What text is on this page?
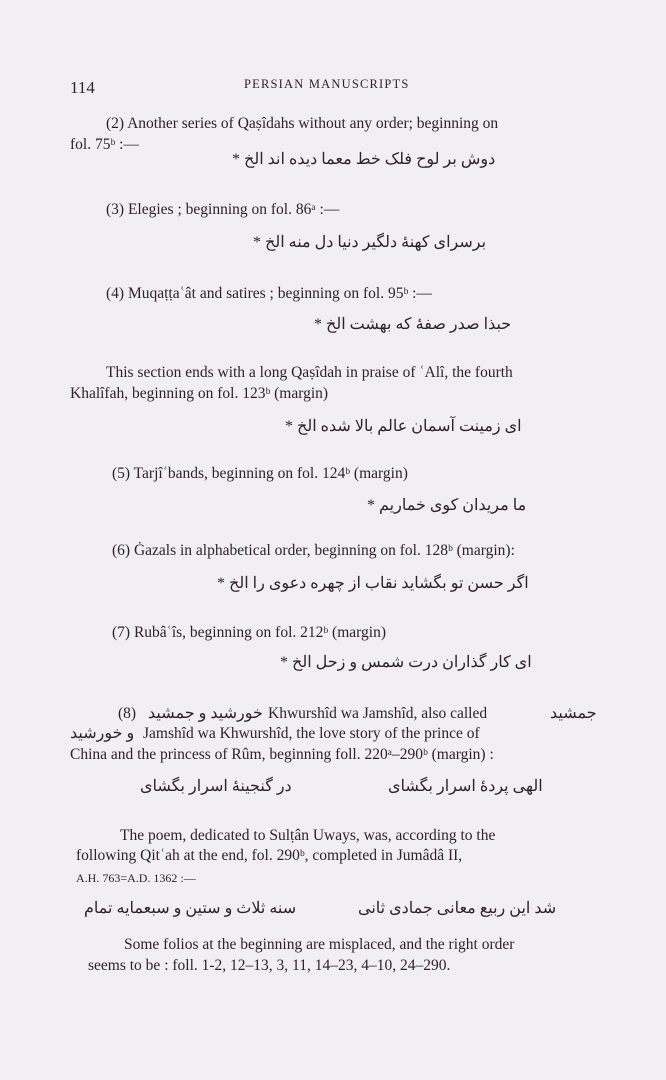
114	PERSIAN MANUSCRIPTS
(2) Another series of Qaṣîdahs without any order; beginning on
fol. 75ᵇ :—
دوش بر لوح فلک خط معما دیده اند الخ *
(3) Elegies ; beginning on fol. 86ᵃ :—
برسرای کهنهٔ دلگیر دنیا دل منه الخ *
(4) Muqaṭṭaʿât and satires ; beginning on fol. 95ᵇ :—
حبذا صدر صفهٔ که بهشت الخ *
This section ends with a long Qaṣîdah in praise of ʿAlî, the fourth
Khalîfah, beginning on fol. 123ᵇ (margin)
ای زمینت آسمان عالم بالا شده الخ *
(5) Tarjîʿbands, beginning on fol. 124ᵇ (margin)
ما مریدان کوی خماریم *
(6) Ġazals in alphabetical order, beginning on fol. 128ᵇ (margin):
اگر حسن تو بگشاید نقاب از چهره دعوی را الخ *
(7) Rubâʿîs, beginning on fol. 212ᵇ (margin)
ای کار گذاران درت شمس و زحل الخ *
(8) خورشید و جمشید Khwurshîd wa Jamshîd, also called	جمشید
و خورشید Jamshîd wa Khwurshîd, the love story of the prince of
China and the princess of Rûm, beginning foll. 220ᵃ–290ᵇ (margin) :
الهی پردهٔ اسرار بگشای
در گنجینهٔ اسرار بگشای
The poem, dedicated to Sulṭân Uways, was, according to the
following Qitʿah at the end, fol. 290ᵇ, completed in Jumâdâ II,
A.H. 763=A.D. 1362 :—
شد این ربیع معانی جمادی ثانی
سنه ثلاث و ستین و سبعمایه تمام
Some folios at the beginning are misplaced, and the right order
seems to be : foll. 1-2, 12–13, 3, 11, 14–23, 4–10, 24–290.
